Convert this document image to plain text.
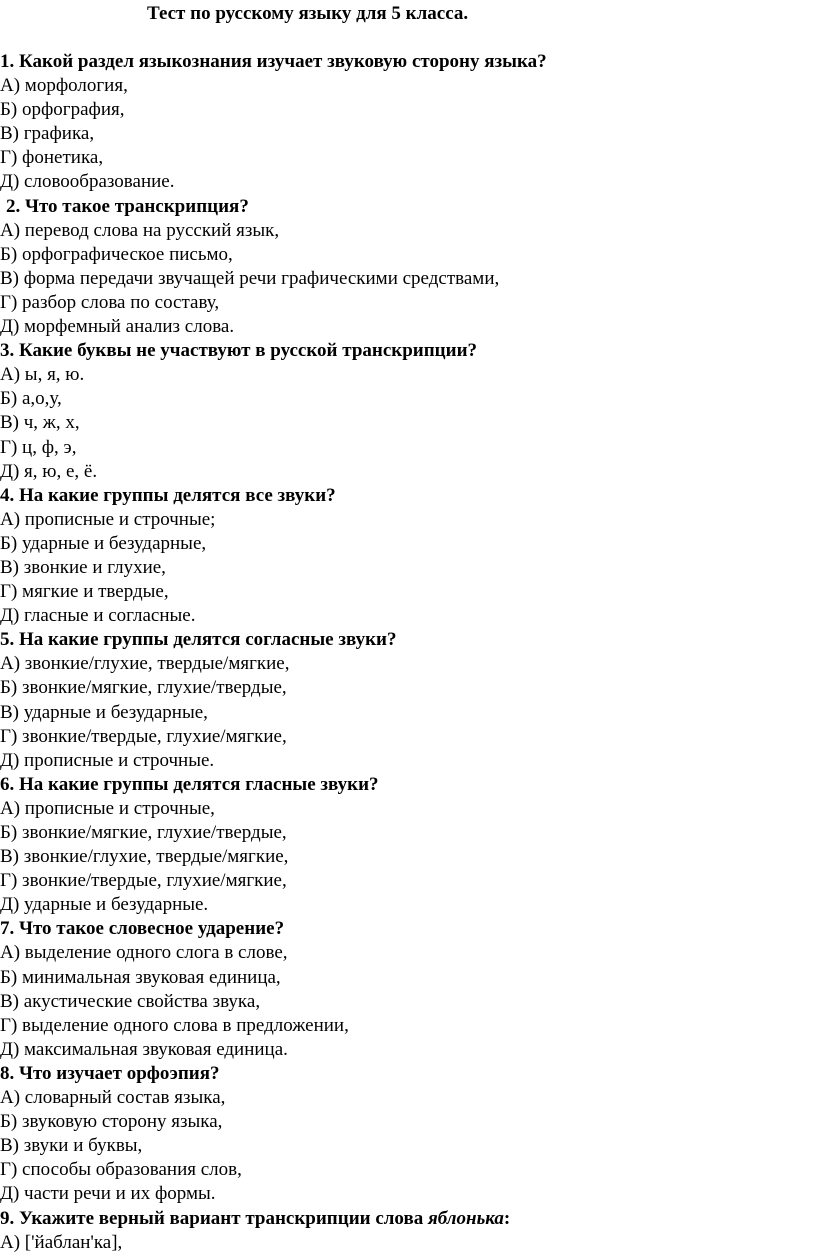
Тест по русскому языку для 5 класса.
1. Какой раздел языкознания изучает звуковую сторону языка?
А) морфология,
Б) орфография,
В) графика,
Г) фонетика,
Д) словообразование.
2. Что такое транскрипция?
А) перевод слова на русский язык,
Б) орфографическое письмо,
В) форма передачи звучащей речи графическими средствами,
Г) разбор слова по составу,
Д) морфемный анализ слова.
3. Какие буквы не участвуют в русской транскрипции?
А) ы, я, ю.
Б) а,о,у,
В) ч, ж, х,
Г) ц, ф, э,
Д) я, ю, е, ё.
4. На какие группы делятся все звуки?
А) прописные и строчные;
Б) ударные и безударные,
В) звонкие и глухие,
Г) мягкие и твердые,
Д) гласные и согласные.
5. На какие группы делятся согласные звуки?
А) звонкие/глухие, твердые/мягкие,
Б) звонкие/мягкие, глухие/твердые,
В) ударные и безударные,
Г) звонкие/твердые, глухие/мягкие,
Д) прописные и строчные.
6. На какие группы делятся гласные звуки?
А) прописные и строчные,
Б) звонкие/мягкие, глухие/твердые,
В) звонкие/глухие, твердые/мягкие,
Г) звонкие/твердые, глухие/мягкие,
Д) ударные и безударные.
7. Что такое словесное ударение?
А) выделение одного слога в слове,
Б) минимальная звуковая единица,
В) акустические свойства звука,
Г) выделение одного слова в предложении,
Д) максимальная звуковая единица.
8. Что изучает орфоэпия?
А) словарный состав языка,
Б) звуковую сторону языка,
В) звуки и буквы,
Г) способы образования слов,
Д) части речи и их формы.
9. Укажите верный вариант транскрипции слова яблонька:
А) ['йаблан'ка],
